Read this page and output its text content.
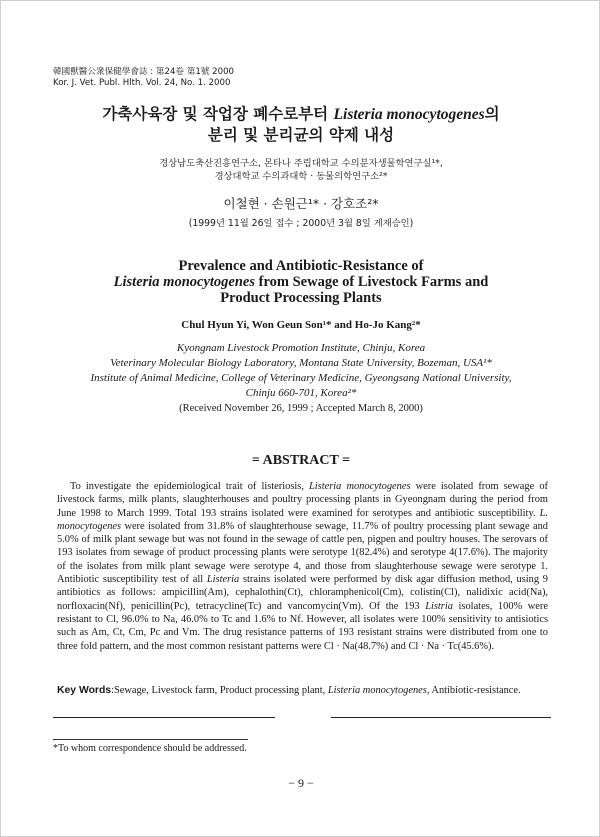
韓國獸醫公衆保健學會誌 : 第24卷 第1號 2000
Kor. J. Vet. Publ. Hlth. Vol. 24, No. 1. 2000
가축사육장 및 작업장 폐수로부터 Listeria monocytogenes의
분리 및 분리균의 약제 내성
경상남도축산진흥연구소, 몬타나 주립대학교 수의분자생물학연구실¹*,
경상대학교 수의과대학 · 동물의학연구소²*
이철현 · 손원근¹* · 강호조²*
(1999년 11월 26일 접수 ; 2000년 3월 8일 게재승인)
Prevalence and Antibiotic-Resistance of
Listeria monocytogenes from Sewage of Livestock Farms and
Product Processing Plants
Chul Hyun Yi, Won Geun Son¹* and Ho-Jo Kang²*
Kyongnam Livestock Promotion Institute, Chinju, Korea
Veterinary Molecular Biology Laboratory, Montana State University, Bozeman, USA¹*
Institute of Animal Medicine, College of Veterinary Medicine, Gyeongsang National University,
Chinju 660-701, Korea²*
(Received November 26, 1999 ; Accepted March 8, 2000)
= ABSTRACT =

To investigate the epidemiological trait of listeriosis, Listeria monocytogenes were isolated from sewage of livestock farms, milk plants, slaughterhouses and poultry processing plants in Gyeongnam during the period from June 1998 to March 1999. Total 193 strains isolated were examined for serotypes and antibiotic susceptibility. L. monocytogenes were isolated from 31.8% of slaughterhouse sewage, 11.7% of poultry processing plant sewage and 5.0% of milk plant sewage but was not found in the sewage of cattle pen, pigpen and poultry houses. The serovars of 193 isolates from sewage of product processing plants were serotype 1(82.4%) and serotype 4(17.6%). The majority of the isolates from milk plant sewage were serotype 4, and those from slaughterhouse sewage were serotype 1. Antibiotic susceptibility test of all Listeria strains isolated were performed by disk agar diffusion method, using 9 antibiotics as follows: ampicillin(Am), cephalothin(Ct), chloramphenicol(Cm), colistin(Cl), nalidixic acid(Na), norfloxacin(Nf), penicillin(Pc), tetracycline(Tc) and vancomycin(Vm). Of the 193 Listria isolates, 100% were resistant to Cl, 96.0% to Na, 46.0% to Tc and 1.6% to Nf. However, all isolates were 100% sensitivity to antisiotics such as Am, Ct, Cm, Pc and Vm. The drug resistance patterns of 193 resistant strains were distributed from one to three fold pattern, and the most common resistant patterns were Cl · Na(48.7%) and Cl · Na · Tc(45.6%).

Key Words:Sewage, Livestock farm, Product processing plant, Listeria monocytogenes, Antibiotic-resistance.
*To whom correspondence should be addressed.
− 9 −
